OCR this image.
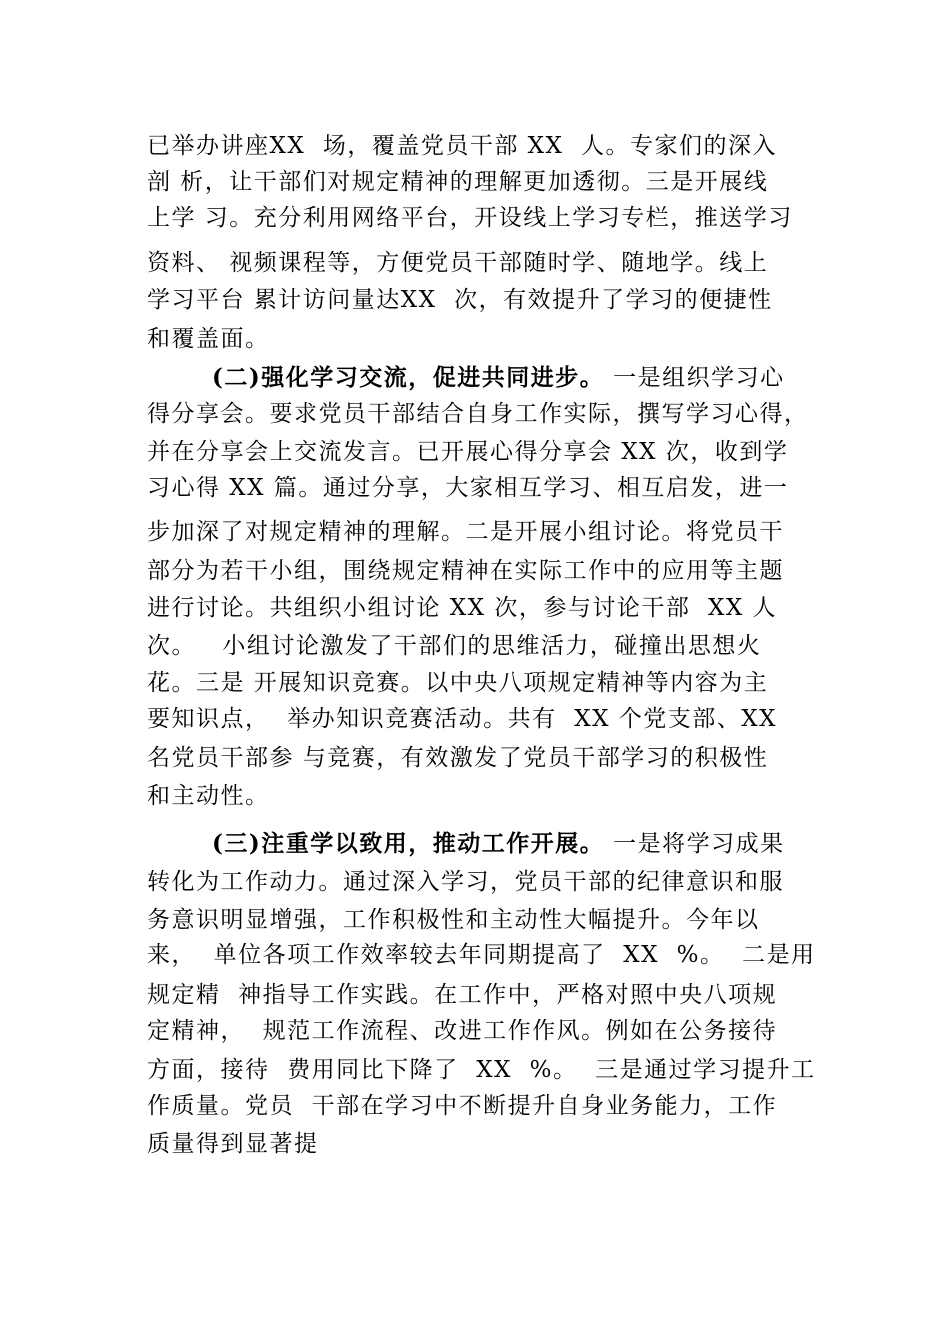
已举办讲座XX  场，覆盖党员干部 XX  人。专家们的深入
剖 析，让干部们对规定精神的理解更加透彻。三是开展线
上学 习。充分利用网络平台，开设线上学习专栏，推送学习
资料、 视频课程等，方便党员干部随时学、随地学。线上
学习平台 累计访问量达XX  次，有效提升了学习的便捷性
和覆盖面。
(二)强化学习交流，促进共同进步。 一是组织学习心
得分享会。要求党员干部结合自身工作实际，撰写学习心得，
并在分享会上交流发言。已开展心得分享会 XX 次，收到学
习心得 XX 篇。通过分享，大家相互学习、相互启发，进一
步加深了对规定精神的理解。二是开展小组讨论。将党员干
部分为若干小组，围绕规定精神在实际工作中的应用等主题
进行讨论。共组织小组讨论 XX 次，参与讨论干部  XX 人
次。   小组讨论激发了干部们的思维活力，碰撞出思想火
花。三是 开展知识竞赛。以中央八项规定精神等内容为主
要知识点，  举办知识竞赛活动。共有  XX 个党支部、XX
名党员干部参 与竞赛，有效激发了党员干部学习的积极性
和主动性。
(三)注重学以致用，推动工作开展。 一是将学习成果
转化为工作动力。通过深入学习，党员干部的纪律意识和服
务意识明显增强，工作积极性和主动性大幅提升。今年以
来，  单位各项工作效率较去年同期提高了  XX  %。  二是用
规定精  神指导工作实践。在工作中，严格对照中央八项规
定精神，  规范工作流程、改进工作作风。例如在公务接待
方面，接待  费用同比下降了  XX  %。  三是通过学习提升工
作质量。党员  干部在学习中不断提升自身业务能力，工作
质量得到显著提
